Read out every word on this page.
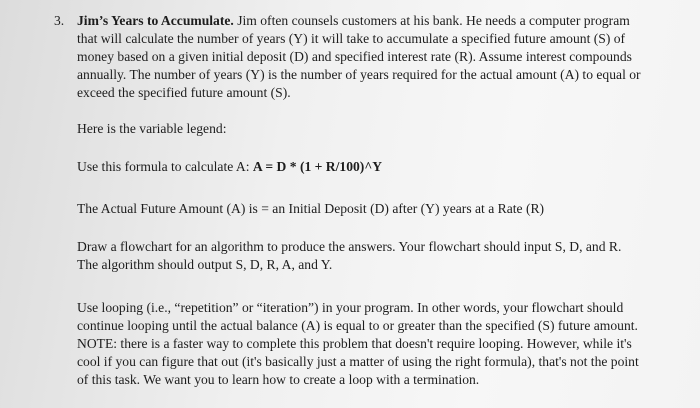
3. Jim’s Years to Accumulate. Jim often counsels customers at his bank. He needs a computer program
that will calculate the number of years (Y) it will take to accumulate a specified future amount (S) of
money based on a given initial deposit (D) and specified interest rate (R). Assume interest compounds
annually. The number of years (Y) is the number of years required for the actual amount (A) to equal or
exceed the specified future amount (S).
Here is the variable legend:
Use this formula to calculate A: A = D * (1 + R/100)^Y
The Actual Future Amount (A) is = an Initial Deposit (D) after (Y) years at a Rate (R)
Draw a flowchart for an algorithm to produce the answers. Your flowchart should input S, D, and R.
The algorithm should output S, D, R, A, and Y.
Use looping (i.e., “repetition” or “iteration”) in your program. In other words, your flowchart should
continue looping until the actual balance (A) is equal to or greater than the specified (S) future amount.
NOTE: there is a faster way to complete this problem that doesn't require looping. However, while it's
cool if you can figure that out (it's basically just a matter of using the right formula), that's not the point
of this task. We want you to learn how to create a loop with a termination.
